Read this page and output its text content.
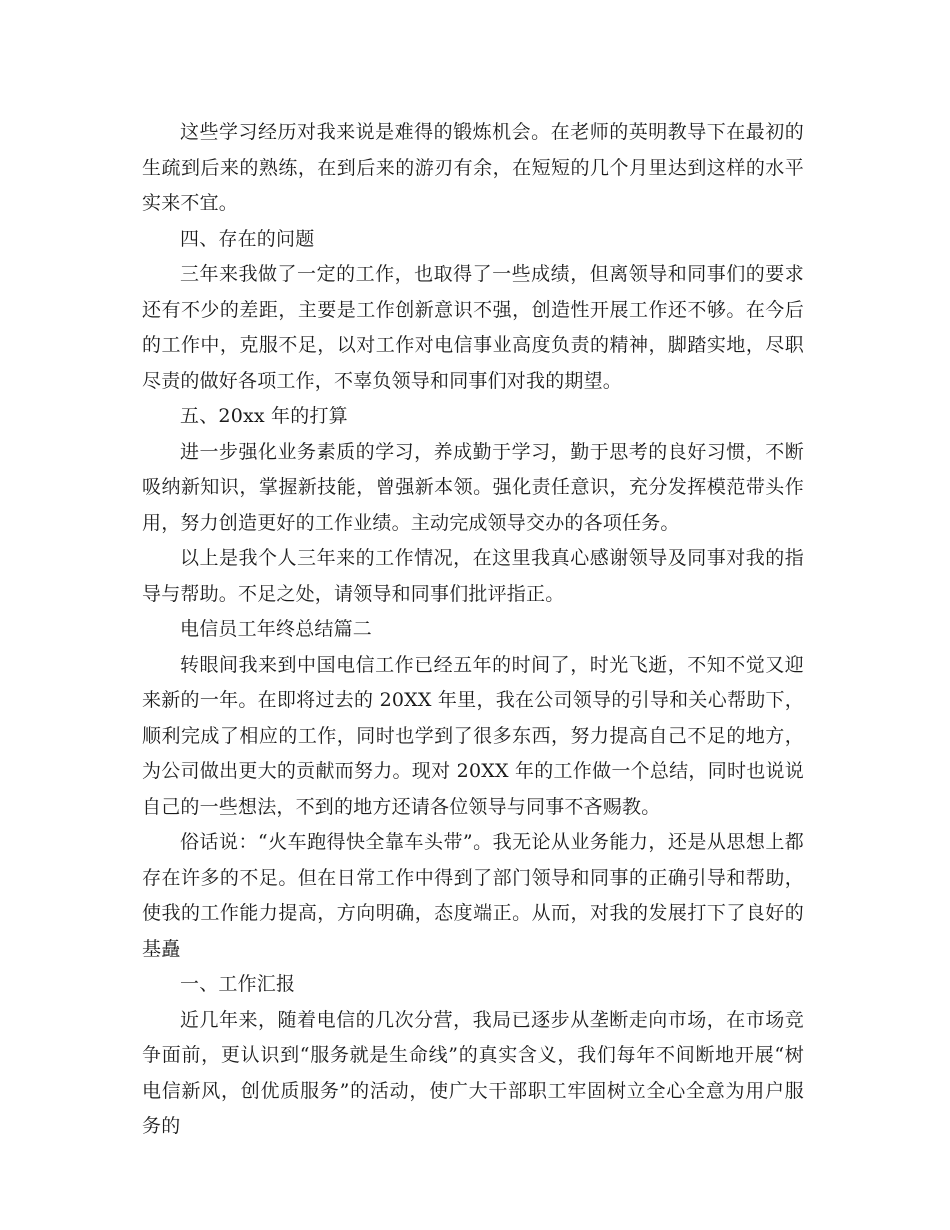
这些学习经历对我来说是难得的锻炼机会。在老师的英明教导下在最初的生疏到后来的熟练，在到后来的游刃有余，在短短的几个月里达到这样的水平实来不宜。

四、存在的问题

三年来我做了一定的工作，也取得了一些成绩，但离领导和同事们的要求还有不少的差距，主要是工作创新意识不强，创造性开展工作还不够。在今后的工作中，克服不足，以对工作对电信事业高度负责的精神，脚踏实地，尽职尽责的做好各项工作，不辜负领导和同事们对我的期望。

五、20xx 年的打算

进一步强化业务素质的学习，养成勤于学习，勤于思考的良好习惯，不断吸纳新知识，掌握新技能，曾强新本领。强化责任意识，充分发挥模范带头作用，努力创造更好的工作业绩。主动完成领导交办的各项任务。

以上是我个人三年来的工作情况，在这里我真心感谢领导及同事对我的指导与帮助。不足之处，请领导和同事们批评指正。

电信员工年终总结篇二

转眼间我来到中国电信工作已经五年的时间了，时光飞逝，不知不觉又迎来新的一年。在即将过去的 20XX 年里，我在公司领导的引导和关心帮助下，顺利完成了相应的工作，同时也学到了很多东西，努力提高自己不足的地方，为公司做出更大的贡献而努力。现对 20XX 年的工作做一个总结，同时也说说自己的一些想法，不到的地方还请各位领导与同事不吝赐教。

俗话说：“火车跑得快全靠车头带”。我无论从业务能力，还是从思想上都存在许多的不足。但在日常工作中得到了部门领导和同事的正确引导和帮助，使我的工作能力提高，方向明确，态度端正。从而，对我的发展打下了良好的基矗

一、工作汇报

近几年来，随着电信的几次分营，我局已逐步从垄断走向市场，在市场竞争面前，更认识到“服务就是生命线”的真实含义，我们每年不间断地开展“树电信新风，创优质服务”的活动，使广大干部职工牢固树立全心全意为用户服务的
